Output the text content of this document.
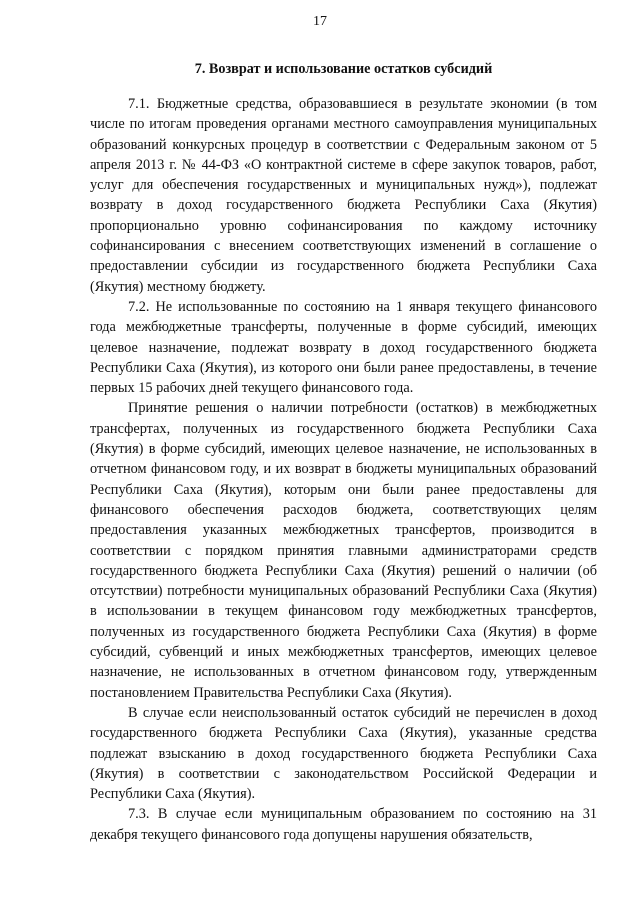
17
7. Возврат и использование остатков субсидий

7.1. Бюджетные средства, образовавшиеся в результате экономии (в том числе по итогам проведения органами местного самоуправления муниципальных образований конкурсных процедур в соответствии с Федеральным законом от 5 апреля 2013 г. № 44-ФЗ «О контрактной системе в сфере закупок товаров, работ, услуг для обеспечения государственных и муниципальных нужд»), подлежат возврату в доход государственного бюджета Республики Саха (Якутия) пропорционально уровню софинансирования по каждому источнику софинансирования с внесением соответствующих изменений в соглашение о предоставлении субсидии из государственного бюджета Республики Саха (Якутия) местному бюджету.

7.2. Не использованные по состоянию на 1 января текущего финансового года межбюджетные трансферты, полученные в форме субсидий, имеющих целевое назначение, подлежат возврату в доход государственного бюджета Республики Саха (Якутия), из которого они были ранее предоставлены, в течение первых 15 рабочих дней текущего финансового года.

Принятие решения о наличии потребности (остатков) в межбюджетных трансфертах, полученных из государственного бюджета Республики Саха (Якутия) в форме субсидий, имеющих целевое назначение, не использованных в отчетном финансовом году, и их возврат в бюджеты муниципальных образований Республики Саха (Якутия), которым они были ранее предоставлены для финансового обеспечения расходов бюджета, соответствующих целям предоставления указанных межбюджетных трансфертов, производится в соответствии с порядком принятия главными администраторами средств государственного бюджета Республики Саха (Якутия) решений о наличии (об отсутствии) потребности муниципальных образований Республики Саха (Якутия) в использовании в текущем финансовом году межбюджетных трансфертов, полученных из государственного бюджета Республики Саха (Якутия) в форме субсидий, субвенций и иных межбюджетных трансфертов, имеющих целевое назначение, не использованных в отчетном финансовом году, утвержденным постановлением Правительства Республики Саха (Якутия).

В случае если неиспользованный остаток субсидий не перечислен в доход государственного бюджета Республики Саха (Якутия), указанные средства подлежат взысканию в доход государственного бюджета Республики Саха (Якутия) в соответствии с законодательством Российской Федерации и Республики Саха (Якутия).

7.3. В случае если муниципальным образованием по состоянию на 31 декабря текущего финансового года допущены нарушения обязательств,
